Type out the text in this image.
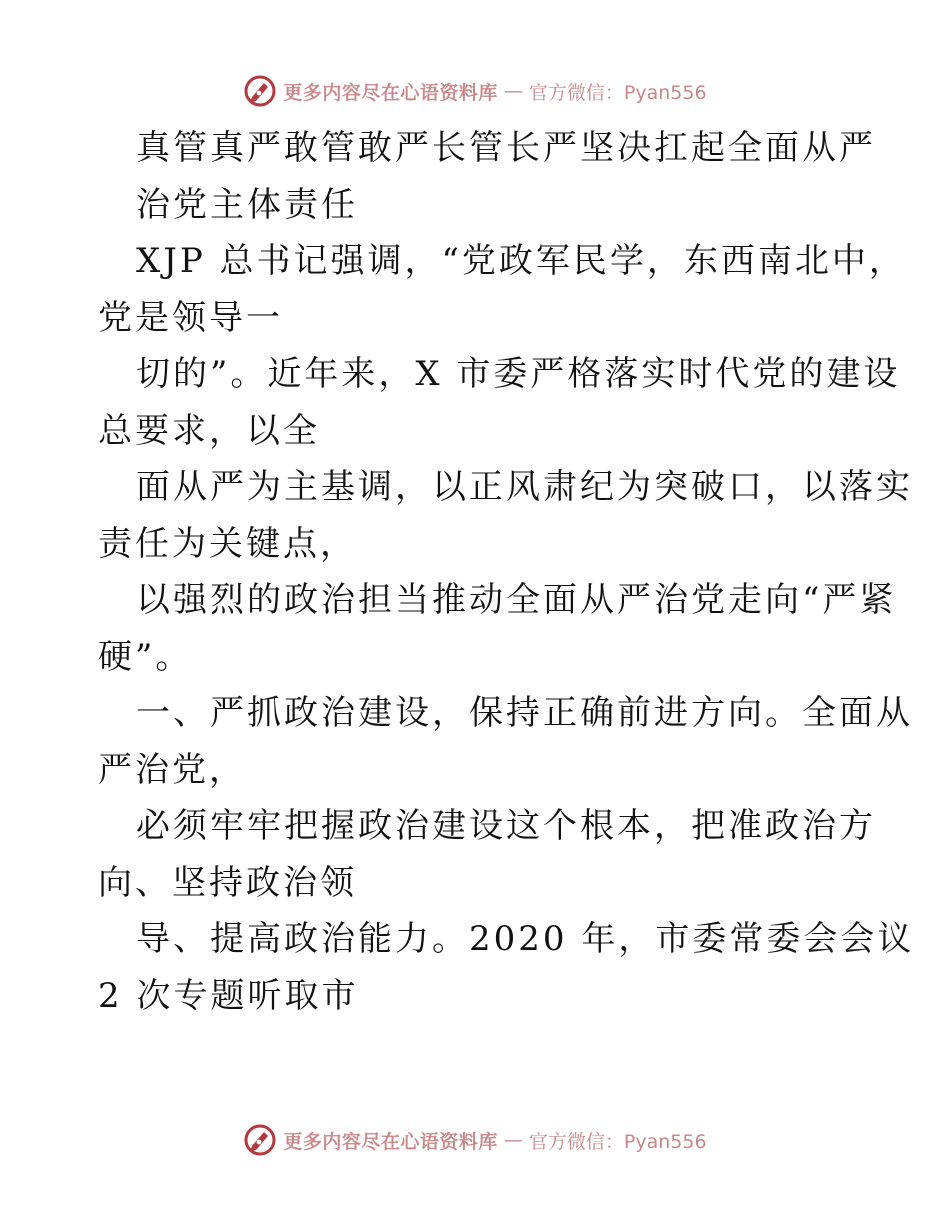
更多内容尽在心语资料库 — 官方微信：Pyan556
真管真严敢管敢严长管长严坚决扛起全面从严
治党主体责任
XJP 总书记强调，“党政军民学，东西南北中，
党是领导一
切的”。近年来，X 市委严格落实时代党的建设
总要求，以全
面从严为主基调，以正风肃纪为突破口，以落实
责任为关键点，
以强烈的政治担当推动全面从严治党走向“严紧
硬”。
一、严抓政治建设，保持正确前进方向。全面从
严治党，
必须牢牢把握政治建设这个根本，把准政治方
向、坚持政治领
导、提高政治能力。2020 年，市委常委会会议
2 次专题听取市
更多内容尽在心语资料库 — 官方微信：Pyan556
